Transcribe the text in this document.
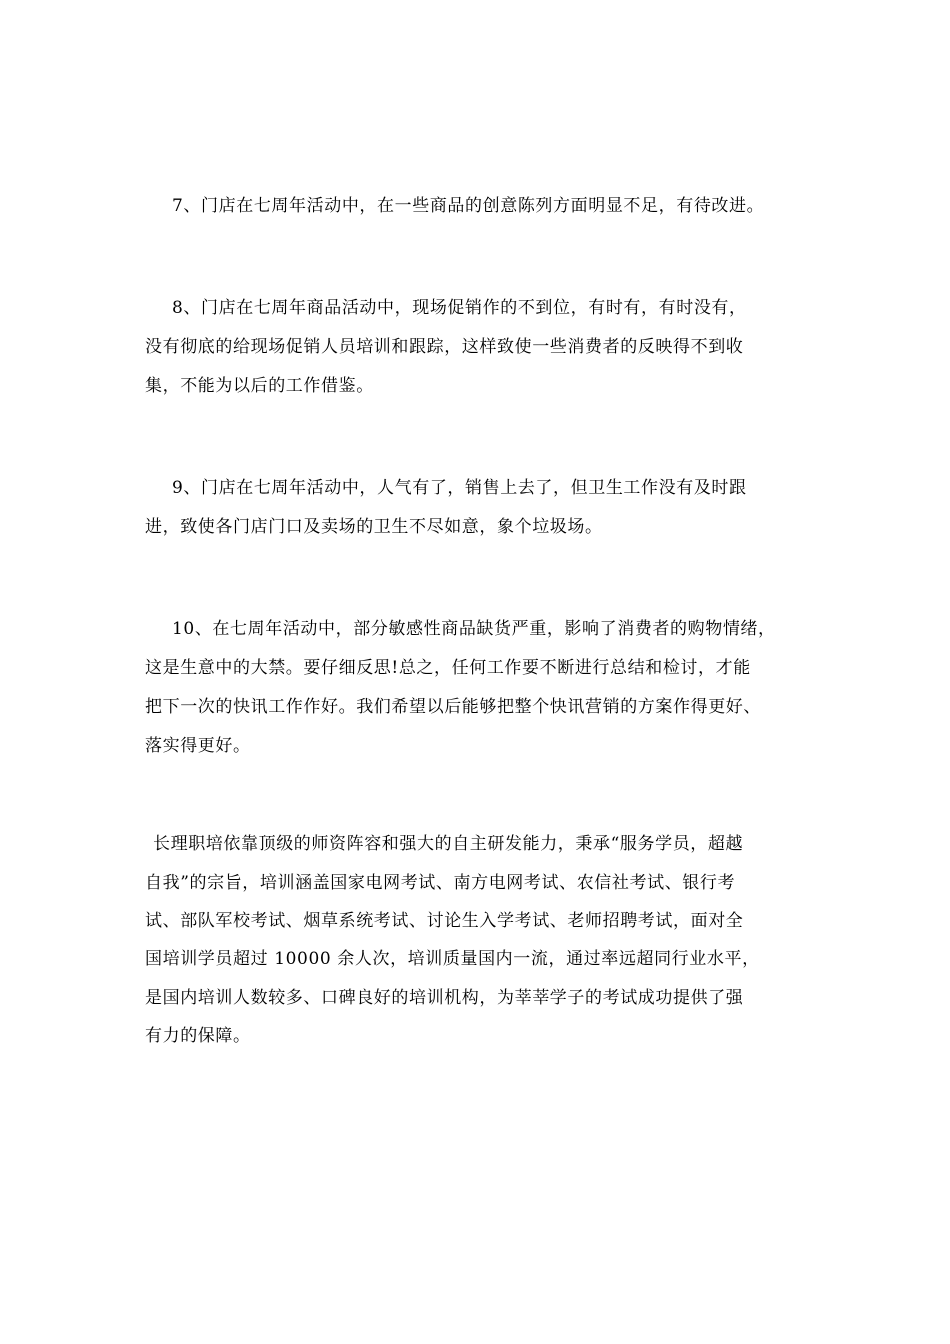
7、门店在七周年活动中，在一些商品的创意陈列方面明显不足，有待改进。
8、门店在七周年商品活动中，现场促销作的不到位，有时有，有时没有，
没有彻底的给现场促销人员培训和跟踪，这样致使一些消费者的反映得不到收
集，不能为以后的工作借鉴。
9、门店在七周年活动中，人气有了，销售上去了，但卫生工作没有及时跟
进，致使各门店门口及卖场的卫生不尽如意，象个垃圾场。
10、在七周年活动中，部分敏感性商品缺货严重，影响了消费者的购物情绪，
这是生意中的大禁。要仔细反思!总之，任何工作要不断进行总结和检讨，才能
把下一次的快讯工作作好。我们希望以后能够把整个快讯营销的方案作得更好、
落实得更好。
长理职培依靠顶级的师资阵容和强大的自主研发能力，秉承“服务学员，超越
自我”的宗旨，培训涵盖国家电网考试、南方电网考试、农信社考试、银行考
试、部队军校考试、烟草系统考试、讨论生入学考试、老师招聘考试，面对全
国培训学员超过 10000 余人次，培训质量国内一流，通过率远超同行业水平，
是国内培训人数较多、口碑良好的培训机构，为莘莘学子的考试成功提供了强
有力的保障。
